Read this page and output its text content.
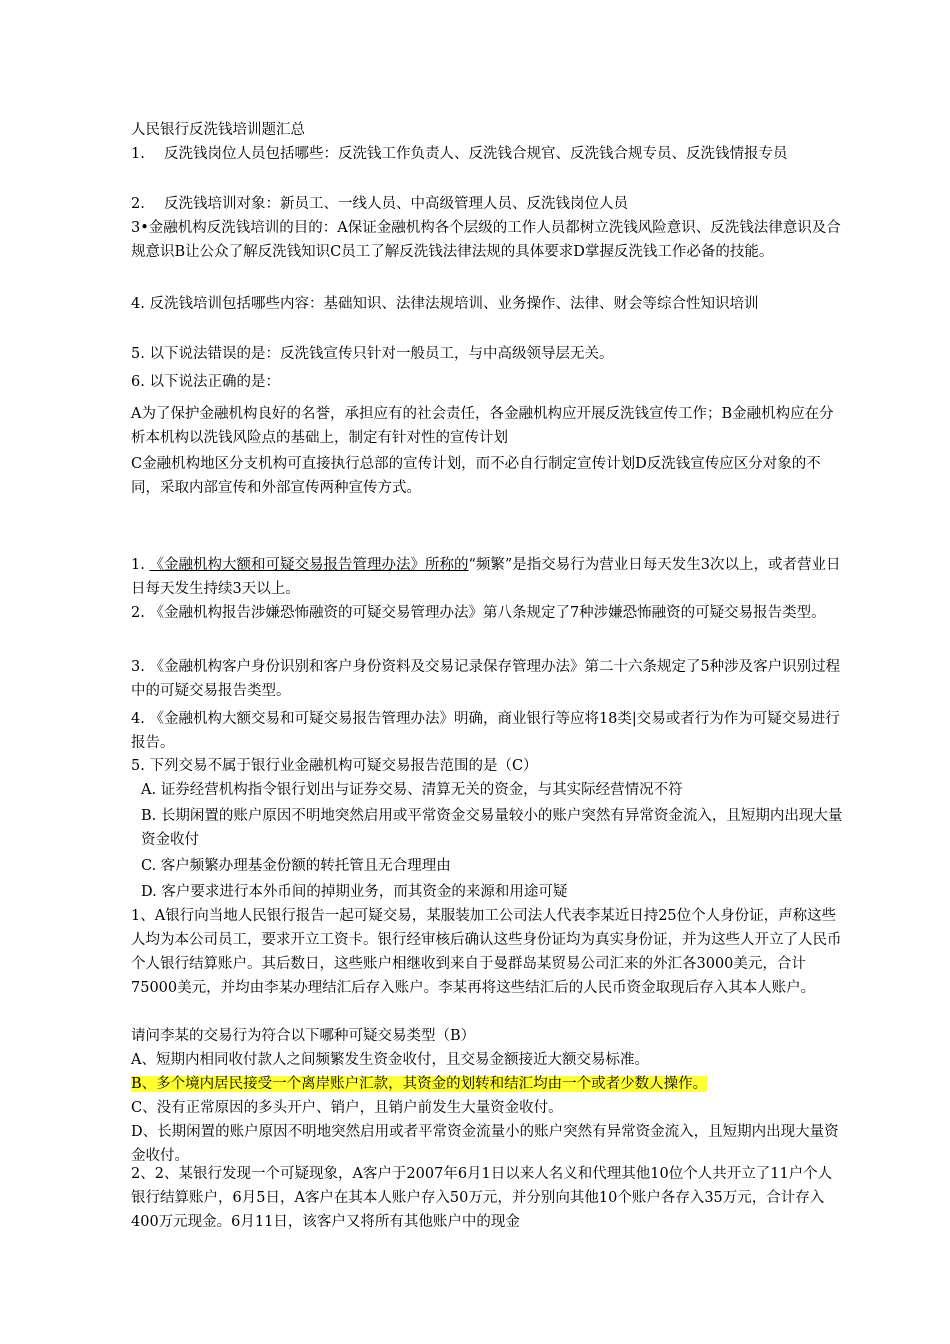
人民银行反洗钱培训题汇总

1.　 反洗钱岗位人员包括哪些：反洗钱工作负责人、反洗钱合规官、反洗钱合规专员、反洗钱情报专员

2.　 反洗钱培训对象：新员工、一线人员、中高级管理人员、反洗钱岗位人员

3•金融机构反洗钱培训的目的：A保证金融机构各个层级的工作人员都树立洗钱风险意识、反洗钱法律意识及合规意识B让公众了解反洗钱知识C员工了解反洗钱法律法规的具体要求D掌握反洗钱工作必备的技能。

4. 反洗钱培训包括哪些内容：基础知识、法律法规培训、业务操作、法律、财会等综合性知识培训

5. 以下说法错误的是：反洗钱宣传只针对一般员工，与中高级领导层无关。

6. 以下说法正确的是：

A为了保护金融机构良好的名誉，承担应有的社会责任，各金融机构应开展反洗钱宣传工作；B金融机构应在分析本机构以洗钱风险点的基础上，制定有针对性的宣传计划

C金融机构地区分支机构可直接执行总部的宣传计划，而不必自行制定宣传计划D反洗钱宣传应区分对象的不同，采取内部宣传和外部宣传两种宣传方式。

1. 《金融机构大额和可疑交易报告管理办法》所称的“频繁”是指交易行为营业日每天发生3次以上，或者营业日日每天发生持续3天以上。

2. 《金融机构报告涉嫌恐怖融资的可疑交易管理办法》第八条规定了7种涉嫌恐怖融资的可疑交易报告类型。

3. 《金融机构客户身份识别和客户身份资料及交易记录保存管理办法》第二十六条规定了5种涉及客户识别过程中的可疑交易报告类型。

4. 《金融机构大额交易和可疑交易报告管理办法》明确，商业银行等应将18类|交易或者行为作为可疑交易进行报告。

5. 下列交易不属于银行业金融机构可疑交易报告范围的是（C）

A. 证券经营机构指令银行划出与证券交易、清算无关的资金，与其实际经营情况不符

B. 长期闲置的账户原因不明地突然启用或平常资金交易量较小的账户突然有异常资金流入，且短期内出现大量资金收付

C. 客户频繁办理基金份额的转托管且无合理理由

D. 客户要求进行本外币间的掉期业务，而其资金的来源和用途可疑

1、A银行向当地人民银行报告一起可疑交易，某服装加工公司法人代表李某近日持25位个人身份证，声称这些人均为本公司员工，要求开立工资卡。银行经审核后确认这些身份证均为真实身份证，并为这些人开立了人民币个人银行结算账户。其后数日，这些账户相继收到来自于曼群岛某贸易公司汇来的外汇各3000美元，合计75000美元，并均由李某办理结汇后存入账户。李某再将这些结汇后的人民币资金取现后存入其本人账户。

请问李某的交易行为符合以下哪种可疑交易类型（B）

A、短期内相同收付款人之间频繁发生资金收付，且交易金额接近大额交易标准。

B、多个境内居民接受一个离岸账户汇款，其资金的划转和结汇均由一个或者少数人操作。

C、没有正常原因的多头开户、销户，且销户前发生大量资金收付。

D、长期闲置的账户原因不明地突然启用或者平常资金流量小的账户突然有异常资金流入，且短期内出现大量资金收付。

2、2、某银行发现一个可疑现象，A客户于2007年6月1日以来人名义和代理其他10位个人共开立了11户个人银行结算账户，6月5日，A客户在其本人账户存入50万元，并分别向其他10个账户各存入35万元，合计存入400万元现金。6月11日，该客户又将所有其他账户中的现金
